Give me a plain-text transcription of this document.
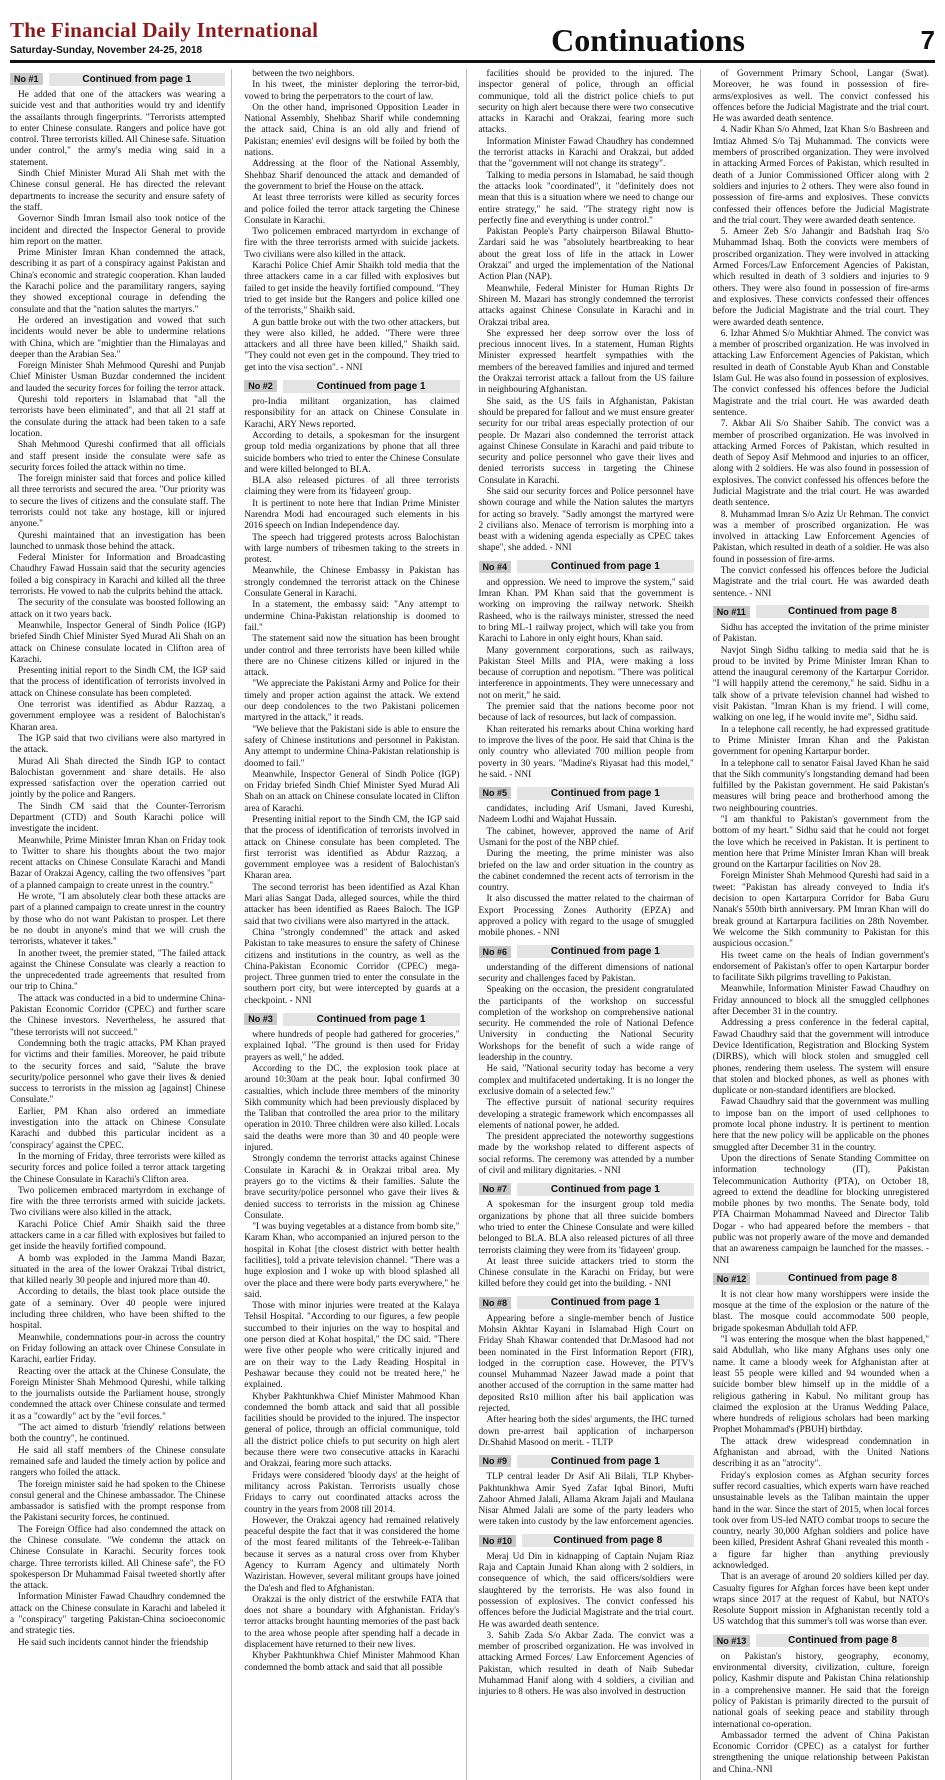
The Financial Daily International
Saturday-Sunday, November 24-25, 2018	Continuations	7
No #1	Continued from page 1

He added that one of the attackers was wearing a suicide vest and that authorities would try and identify the assailants through fingerprints. "Terrorists attempted to enter Chinese consulate. Rangers and police have got control. Three terrorists killed. All Chinese safe. Situation under control," the army's media wing said in a statement.

Sindh Chief Minister Murad Ali Shah met with the Chinese consul general. He has directed the relevant departments to increase the security and ensure safety of the staff.

Governor Sindh Imran Ismail also took notice of the incident and directed the Inspector General to provide him report on the matter.

Prime Minister Imran Khan condemned the attack, describing it as part of a conspiracy against Pakistan and China's economic and strategic cooperation. Khan lauded the Karachi police and the paramilitary rangers, saying they showed exceptional courage in defending the consulate and that the "nation salutes the martyrs."

He ordered an investigation and vowed that such incidents would never be able to undermine relations with China, which are "mightier than the Himalayas and deeper than the Arabian Sea."

Foreign Minister Shah Mehmood Qureshi and Punjab Chief Minister Usman Buzdar condemned the incident and lauded the security forces for foiling the terror attack.

Qureshi told reporters in Islamabad that "all the terrorists have been eliminated", and that all 21 staff at the consulate during the attack had been taken to a safe location.

Shah Mehmood Qureshi confirmed that all officials and staff present inside the consulate were safe as security forces foiled the attack within no time.

The foreign minister said that forces and police killed all three terrorists and secured the area. "Our priority was to secure the lives of citizens and the consulate staff. The terrorists could not take any hostage, kill or injured anyone."

Qureshi maintained that an investigation has been launched to unmask those behind the attack.

Federal Minister for Information and Broadcasting Chaudhry Fawad Hussain said that the security agencies foiled a big conspiracy in Karachi and killed all the three terrorists. He vowed to nab the culprits behind the attack.

The security of the consulate was boosted following an attack on it two years back.

Meanwhile, Inspector General of Sindh Police (IGP) briefed Sindh Chief Minister Syed Murad Ali Shah on an attack on Chinese consulate located in Clifton area of Karachi.

Presenting initial report to the Sindh CM, the IGP said that the process of identification of terrorists involved in attack on Chinese consulate has been completed.

One terrorist was identified as Abdur Razzaq, a government employee was a resident of Balochistan's Kharan area.

The IGP said that two civilians were also martyred in the attack.

Murad Ali Shah directed the Sindh IGP to contact Balochistan government and share details. He also expressed satisfaction over the operation carried out jointly by the police and Rangers.

The Sindh CM said that the Counter-Terrorism Department (CTD) and South Karachi police will investigate the incident.

Meanwhile, Prime Minister Imran Khan on Friday took to Twitter to share his thoughts about the two major recent attacks on Chinese Consulate Karachi and Mandi Bazar of Orakzai Agency, calling the two offensives "part of a planned campaign to create unrest in the country."

He wrote, "I am absolutely clear both these attacks are part of a planned campaign to create unrest in the country by those who do not want Pakistan to prosper. Let there be no doubt in anyone's mind that we will crush the terrorists, whatever it takes."

In another tweet, the premier stated, "The failed attack against the Chinese Consulate was clearly a reaction to the unprecedented trade agreements that resulted from our trip to China."

The attack was conducted in a bid to undermine China-Pakistan Economic Corridor (CPEC) and further scare the Chinese investors. Nevertheless, he assured that "these terrorists will not succeed."

Condemning both the tragic attacks, PM Khan prayed for victims and their families. Moreover, he paid tribute to the security forces and said, "Salute the brave security/police personnel who gave their lives & denied success to terrorists in the mission ag [against] Chinese Consulate."

Earlier, PM Khan also ordered an immediate investigation into the attack on Chinese Consulate Karachi and dubbed this particular incident as a 'conspiracy' against the CPEC.

In the morning of Friday, three terrorists were killed as security forces and police foiled a terror attack targeting the Chinese Consulate in Karachi's Clifton area.

Two policemen embraced martyrdom in exchange of fire with the three terrorists armed with suicide jackets. Two civilians were also killed in the attack.

Karachi Police Chief Amir Shaikh said the three attackers came in a car filled with explosives but failed to get inside the heavily fortified compound.

A bomb was exploded in the Jamma Mandi Bazar, situated in the area of the lower Orakzai Tribal district, that killed nearly 30 people and injured more than 40.

According to details, the blast took place outside the gate of a seminary. Over 40 people were injured including three children, who have been shifted to the hospital.

Meanwhile, condemnations pour-in across the country on Friday following an attack over Chinese Consulate in Karachi, earlier Friday.

Reacting over the attack at the Chinese Consulate, the Foreign Minister Shah Mehmood Qureshi, while talking to the journalists outside the Parliament house, strongly condemned the attack over Chinese consulate and termed it as a "cowardly" act by the "evil forces."

"The act aimed to disturb 'friendly' relations between both the country", he continued.

He said all staff members of the Chinese consulate remained safe and lauded the timely action by police and rangers who foiled the attack.

The foreign minister said he had spoken to the Chinese consul general and the Chinese ambassador. The Chinese ambassador is satisfied with the prompt response from the Pakistani security forces, he continued.

The Foreign Office had also condemned the attack on the Chinese consulate. "We condemn the attack on Chinese Consulate in Karachi. Security forces took charge. Three terrorists killed. All Chinese safe", the FO spokesperson Dr Muhammad Faisal tweeted shortly after the attack.

Information Minister Fawad Chaudhry condemned the attack on the Chinese consulate in Karachi and labeled it a "conspiracy" targeting Pakistan-China socioeconomic and strategic ties.

He said such incidents cannot hinder the friendship

between the two neighbors.

In his tweet, the minister deploring the terror-bid, vowed to bring the perpetrators to the court of law.

On the other hand, imprisoned Opposition Leader in National Assembly, Shehbaz Sharif while condemning the attack said, China is an old ally and friend of Pakistan; enemies' evil designs will be foiled by both the nations.

Addressing at the floor of the National Assembly, Shehbaz Sharif denounced the attack and demanded of the government to brief the House on the attack.

At least three terrorists were killed as security forces and police foiled the terror attack targeting the Chinese Consulate in Karachi.

Two policemen embraced martyrdom in exchange of fire with the three terrorists armed with suicide jackets. Two civilians were also killed in the attack.

Karachi Police Chief Amir Shaikh told media that the three attackers came in a car filled with explosives but failed to get inside the heavily fortified compound. "They tried to get inside but the Rangers and police killed one of the terrorists," Shaikh said.

A gun battle broke out with the two other attackers, but they were also killed, he added. "There were three attackers and all three have been killed," Shaikh said. "They could not even get in the compound. They tried to get into the visa section". - NNI

No #2	Continued from page 1

pro-India militant organization, has claimed responsibility for an attack on Chinese Consulate in Karachi, ARY News reported.

According to details, a spokesman for the insurgent group told media organizations by phone that all three suicide bombers who tried to enter the Chinese Consulate and were killed belonged to BLA.

BLA also released pictures of all three terrorists claiming they were from its 'fidayeen' group.

It is pertinent to note here that Indian Prime Minister Narendra Modi had encouraged such elements in his 2016 speech on Indian Independence day.

The speech had triggered protests across Balochistan with large numbers of tribesmen taking to the streets in protest.

Meanwhile, the Chinese Embassy in Pakistan has strongly condemned the terrorist attack on the Chinese Consulate General in Karachi.

In a statement, the embassy said: "Any attempt to undermine China-Pakistan relationship is doomed to fail."

The statement said now the situation has been brought under control and three terrorists have been killed while there are no Chinese citizens killed or injured in the attack.

"We appreciate the Pakistani Army and Police for their timely and proper action against the attack. We extend our deep condolences to the two Pakistani policemen martyred in the attack," it reads.

"We believe that the Pakistani side is able to ensure the safety of Chinese institutions and personnel in Pakistan. Any attempt to undermine China-Pakistan relationship is doomed to fail."

Meanwhile, Inspector General of Sindh Police (IGP) on Friday briefed Sindh Chief Minister Syed Murad Ali Shah on an attack on Chinese consulate located in Clifton area of Karachi.

Presenting initial report to the Sindh CM, the IGP said that the process of identification of terrorists involved in attack on Chinese consulate has been completed. The first terrorist was identified as Abdur Razzaq, a government employee was a resident of Balochistan's Kharan area.

The second terrorist has been identified as Azal Khan Mari alias Sangat Dada, alleged sources, while the third attacker has been identified as Raees Baloch. The IGP said that two civilians were also martyred in the attack.

China "strongly condemned" the attack and asked Pakistan to take measures to ensure the safety of Chinese citizens and institutions in the country, as well as the China-Pakistan Economic Corridor (CPEC) mega-project. Three gunmen tried to enter the consulate in the southern port city, but were intercepted by guards at a checkpoint. - NNI

No #3	Continued from page 1

where hundreds of people had gathered for groceries," explained Iqbal. "The ground is then used for Friday prayers as well," he added.

According to the DC, the explosion took place at around 10:30am at the peak hour. Iqbal confirmed 30 casualties, which include three members of the minority Sikh community which had been previously displaced by the Taliban that controlled the area prior to the military operation in 2010. Three children were also killed. Locals said the deaths were more than 30 and 40 people were injured.

Strongly condemn the terrorist attacks against Chinese Consulate in Karachi & in Orakzai tribal area. My prayers go to the victims & their families. Salute the brave security/police personnel who gave their lives & denied success to terrorists in the mission ag Chinese Consulate.

"I was buying vegetables at a distance from bomb site," Karam Khan, who accompanied an injured person to the hospital in Kohat [the closest district with better health facilities], told a private television channel. "There was a huge explosion and I woke up with blood splashed all over the place and there were body parts everywhere," he said.

Those with minor injuries were treated at the Kalaya Tehsil Hospital. "According to our figures, a few people succumbed to their injuries on the way to hospital and one person died at Kohat hospital," the DC said. "There were five other people who were critically injured and are on their way to the Lady Reading Hospital in Peshawar because they could not be treated here," he explained.

Khyber Pakhtunkhwa Chief Minister Mahmood Khan condemned the bomb attack and said that all possible facilities should be provided to the injured. The inspector general of police, through an official communique, told all the district police chiefs to put security on high alert because there were two consecutive attacks in Karachi and Orakzai, fearing more such attacks.

Fridays were considered 'bloody days' at the height of militancy across Pakistan. Terrorists usually chose Fridays to carry out coordinated attacks across the country in the years from 2008 till 2014.

However, the Orakzai agency had remained relatively peaceful despite the fact that it was considered the home of the most feared militants of the Tehreek-e-Taliban because it serves as a natural cross over from Khyber Agency to Kurram Agency and ultimately North Waziristan. However, several militant groups have joined the Da'esh and fled to Afghanistan.

Orakzai is the only district of the erstwhile FATA that does not share a boundary with Afghanistan. Friday's terror attacks brought haunting memories of the past back to the area whose people after spending half a decade in displacement have returned to their new lives.

Khyber Pakhtunkhwa Chief Minister Mahmood Khan condemned the bomb attack and said that all possible

facilities should be provided to the injured. The inspector general of police, through an official communique, told all the district police chiefs to put security on high alert because there were two consecutive attacks in Karachi and Orakzai, fearing more such attacks.

Information Minister Fawad Chaudhry has condemned the terrorist attacks in Karachi and Orakzai, but added that the "government will not change its strategy".

Talking to media persons in Islamabad, he said though the attacks look "coordinated", it "definitely does not mean that this is a situation where we need to change our entire strategy," he said. "The strategy right now is perfectly fine and everything is under control."

Pakistan People's Party chairperson Bilawal Bhutto-Zardari said he was "absolutely heartbreaking to hear about the great loss of life in the attack in Lower Orakzai" and urged the implementation of the National Action Plan (NAP).

Meanwhile, Federal Minister for Human Rights Dr Shireen M. Mazari has strongly condemned the terrorist attacks against Chinese Consulate in Karachi and in Orakzai tribal area.

She expressed her deep sorrow over the loss of precious innocent lives. In a statement, Human Rights Minister expressed heartfelt sympathies with the members of the bereaved families and injured and termed the Orakzai terrorist attack a fallout from the US failure in neighbouring Afghanistan.

She said, as the US fails in Afghanistan, Pakistan should be prepared for fallout and we must ensure greater security for our tribal areas especially protection of our people. Dr Mazari also condemned the terrorist attack against Chinese Consulate in Karachi and paid tribute to security and police personnel who gave their lives and denied terrorists success in targeting the Chinese Consulate in Karachi.

She said our security forces and Police personnel have shown courage and while the Nation salutes the martyrs for acting so bravely. "Sadly amongst the martyred were 2 civilians also. Menace of terrorism is morphing into a beast with a widening agenda especially as CPEC takes shape", she added. - NNI

No #4	Continued from page 1

and oppression. We need to improve the system," said Imran Khan. PM Khan said that the government is working on improving the railway network. Sheikh Rasheed, who is the railways minister, stressed the need to bring ML-1 railway project, which will take you from Karachi to Lahore in only eight hours, Khan said.

Many government corporations, such as railways, Pakistan Steel Mills and PIA, were making a loss because of corruption and nepotism. "There was political interference in appointments. They were unnecessary and not on merit," he said.

The premier said that the nations become poor not because of lack of resources, but lack of compassion.

Khan reiterated his remarks about China working hard to improve the lives of the poor. He said that China is the only country who alleviated 700 million people from poverty in 30 years. "Madine's Riyasat had this model," he said. - NNI

No #5	Continued from page 1

candidates, including Arif Usmani, Javed Kureshi, Nadeem Lodhi and Wajahat Hussain.

The cabinet, however, approved the name of Arif Usmani for the post of the NBP chief.

During the meeting, the prime minister was also briefed on the law and order situation in the country as the cabinet condemned the recent acts of terrorism in the country.

It also discussed the matter related to the chairman of Export Processing Zones Authority (EPZA) and approved a policy with regard to the usage of smuggled mobile phones. - NNI

No #6	Continued from page 1

understanding of the different dimensions of national security and challenges faced by Pakistan.

Speaking on the occasion, the president congratulated the participants of the workshop on successful completion of the workshop on comprehensive national security. He commended the role of National Defence University in conducting the National Security Workshops for the benefit of such a wide range of leadership in the country.

He said, "National security today has become a very complex and multifaceted undertaking. It is no longer the exclusive domain of a selected few."

The effective pursuit of national security requires developing a strategic framework which encompasses all elements of national power, he added.

The president appreciated the noteworthy suggestions made by the workshop related to different aspects of social reforms. The ceremony was attended by a number of civil and military dignitaries. - NNI

No #7	Continued from page 1

A spokesman for the insurgent group told media organizations by phone that all three suicide bombers who tried to enter the Chinese Consulate and were killed belonged to BLA. BLA also released pictures of all three terrorists claiming they were from its 'fidayeen' group.

At least three suicide attackers tried to storm the Chinese consulate in the Karachi on Friday, but were killed before they could get into the building. - NNI

No #8	Continued from page 1

Appearing before a single-member bench of Justice Mohsin Akhtar Kayani in Islamabad High Court on Friday Shah Khawar contended that Dr.Masood had not been nominated in the First Information Report (FIR), lodged in the corruption case. However, the PTV's counsel Muhammad Nazeer Jawad made a point that another accused of the corruption in the same matter had deposited Rs10 million after his bail application was rejected.

After hearing both the sides' arguments, the IHC turned down pre-arrest bail application of incharperson Dr.Shahid Masood on merit. - TLTP

No #9	Continued from page 1

TLP central leader Dr Asif Ali Bilali, TLP Khyber-Pakhtunkhwa Amir Syed Zafar Iqbal Binori, Mufti Zahoor Ahmed Jalali, Allama Akram Jajali and Maulana Nisar Ahmed Jalali are some of the party leaders who were taken into custody by the law enforcement agencies.

No #10	Continued from page 8

Meraj Ud Din in kidnapping of Captain Nujam Riaz Raja and Captain Junaid Khan along with 2 soldiers, in consequence of which, the said officers/soldiers were slaughtered by the terrorists. He was also found in possession of explosives. The convict confessed his offences before the Judicial Magistrate and the trial court. He was awarded death sentence.

3. Sahib Zada S/o Akbar Zada. The convict was a member of proscribed organization. He was involved in attacking Armed Forces/ Law Enforcement Agencies of Pakistan, which resulted in death of Naib Subedar Muhammad Hanif along with 4 soldiers, a civilian and injuries to 8 others. He was also involved in destruction

of Government Primary School, Langar (Swat). Moreover, he was found in possession of fire-arms/explosives as well. The convict confessed his offences before the Judicial Magistrate and the trial court. He was awarded death sentence.

4. Nadir Khan S/o Ahmed, Izat Khan S/o Bashreen and Imtiaz Ahmed S/o Taj Muhammad. The convicts were members of proscribed organization. They were involved in attacking Armed Forces of Pakistan, which resulted in death of a Junior Commissioned Officer along with 2 soldiers and injuries to 2 others. They were also found in possession of fire-arms and explosives. These convicts confessed their offences before the Judicial Magistrate and the trial court. They were awarded death sentence.

5. Ameer Zeb S/o Jahangir and Badshah Iraq S/o Muhammad Ishaq. Both the convicts were members of proscribed organization. They were involved in attacking Armed Forces/Law Enforcement Agencies of Pakistan, which resulted in death of 3 soldiers and injuries to 9 others. They were also found in possession of fire-arms and explosives. These convicts confessed their offences before the Judicial Magistrate and the trial court. They were awarded death sentence.

6. Izhar Ahmed S/o Mukhtiar Ahmed. The convict was a member of proscribed organization. He was involved in attacking Law Enforcement Agencies of Pakistan, which resulted in death of Constable Ayub Khan and Constable Islam Gul. He was also found in possession of explosives. The convict confessed his offences before the Judicial Magistrate and the trial court. He was awarded death sentence.

7. Akbar Ali S/o Shaiber Sahib. The convict was a member of proscribed organization. He was involved in attacking Armed Forces of Pakistan, which resulted in death of Sepoy Asif Mehmood and injuries to an officer, along with 2 soldiers. He was also found in possession of explosives. The convict confessed his offences before the Judicial Magistrate and the trial court. He was awarded death sentence.

8. Muhammad Imran S/o Aziz Ur Rehman. The convict was a member of proscribed organization. He was involved in attacking Law Enforcement Agencies of Pakistan, which resulted in death of a soldier. He was also found in possession of fire-arms.

The convict confessed his offences before the Judicial Magistrate and the trial court. He was awarded death sentence. - NNI

No #11	Continued from page 8

Sidhu has accepted the invitation of the prime minister of Pakistan.

Navjot Singh Sidhu talking to media said that he is proud to be invited by Prime Minister Imran Khan to attend the inaugural ceremony of the Kartarpur Corridor. "I will happily attend the ceremony," he said. Sidhu in a talk show of a private television channel had wished to visit Pakistan. "Imran Khan is my friend. I will come, walking on one leg, if he would invite me", Sidhu said.

In a telephone call recently, he had expressed gratitude to Prime Minister Imran Khan and the Pakistan government for opening Kartarpur border.

In a telephone call to senator Faisal Javed Khan he said that the Sikh community's longstanding demand had been fulfilled by the Pakistan government. He said Pakistan's measures will bring peace and brotherhood among the two neighbouring countries.

"I am thankful to Pakistan's government from the bottom of my heart." Sidhu said that he could not forget the love which he received in Pakistan. It is pertinent to mention here that Prime Minister Imran Khan will break ground on the Kartarpur facilities on Nov 28.

Foreign Minister Shah Mehmood Qureshi had said in a tweet: "Pakistan has already conveyed to India it's decision to open Kartarpura Corridor for Baba Guru Nanak's 550th birth anniversary. PM Imran Khan will do break ground at Kartarpura facilities on 28th November. We welcome the Sikh community to Pakistan for this auspicious occasion."

His tweet came on the heals of Indian government's endorsement of Pakistan's offer to open Kartarpur border to facilitate Sikh pilgrims travelling to Pakistan.

Meanwhile, Information Minister Fawad Chaudhry on Friday announced to block all the smuggled cellphones after December 31 in the country.

Addressing a press conference in the federal capital, Fawad Chaudhry said that the government will introduce Device Identification, Registration and Blocking System (DIRBS), which will block stolen and smuggled cell phones, rendering them useless. The system will ensure that stolen and blocked phones, as well as phones with duplicate or non-standard identifiers are blocked.

Fawad Chaudhry said that the government was mulling to impose ban on the import of used cellphones to promote local phone industry. It is pertinent to mention here that the new policy will be applicable on the phones smuggled after December 31 in the country.

Upon the directions of Senate Standing Committee on information technology (IT), Pakistan Telecommunication Authority (PTA), on October 18, agreed to extend the deadline for blocking unregistered mobile phones by two months. The Senate body, told PTA Chairman Mohammad Naveed and Director Talib Dogar - who had appeared before the members - that public was not properly aware of the move and demanded that an awareness campaign be launched for the masses. - NNI

No #12	Continued from page 8

It is not clear how many worshippers were inside the mosque at the time of the explosion or the nature of the blast. The mosque could accommodate 500 people, brigade spokesman Abdullah told AFP.

"I was entering the mosque when the blast happened," said Abdullah, who like many Afghans uses only one name. It came a bloody week for Afghanistan after at least 55 people were killed and 94 wounded when a suicide bomber blew himself up in the middle of a religious gathering in Kabul. No militant group has claimed the explosion at the Uranus Wedding Palace, where hundreds of religious scholars had been marking Prophet Mohammad's (PBUH) birthday.

The attack drew widespread condemnation in Afghanistan and abroad, with the United Nations describing it as an "atrocity".

Friday's explosion comes as Afghan security forces suffer record casualties, which experts warn have reached unsustainable levels as the Taliban maintain the upper hand in the war. Since the start of 2015, when local forces took over from US-led NATO combat troops to secure the country, nearly 30,000 Afghan soldiers and police have been killed, President Ashraf Ghani revealed this month - a figure far higher than anything previously acknowledged.

That is an average of around 20 soldiers killed per day. Casualty figures for Afghan forces have been kept under wraps since 2017 at the request of Kabul, but NATO's Resolute Support mission in Afghanistan recently told a US watchdog that this summer's toll was worse than ever.

No #13	Continued from page 8

on Pakistan's history, geography, economy, environmental diversity, civilization, culture, foreign policy, Kashmir dispute and Pakistan China relationship in a comprehensive manner. He said that the foreign policy of Pakistan is primarily directed to the pursuit of national goals of seeking peace and stability through international co-operation.

Ambassador termed the advent of China Pakistan Economic Corridor (CPEC) as a catalyst for further strengthening the unique relationship between Pakistan and China.-NNI
